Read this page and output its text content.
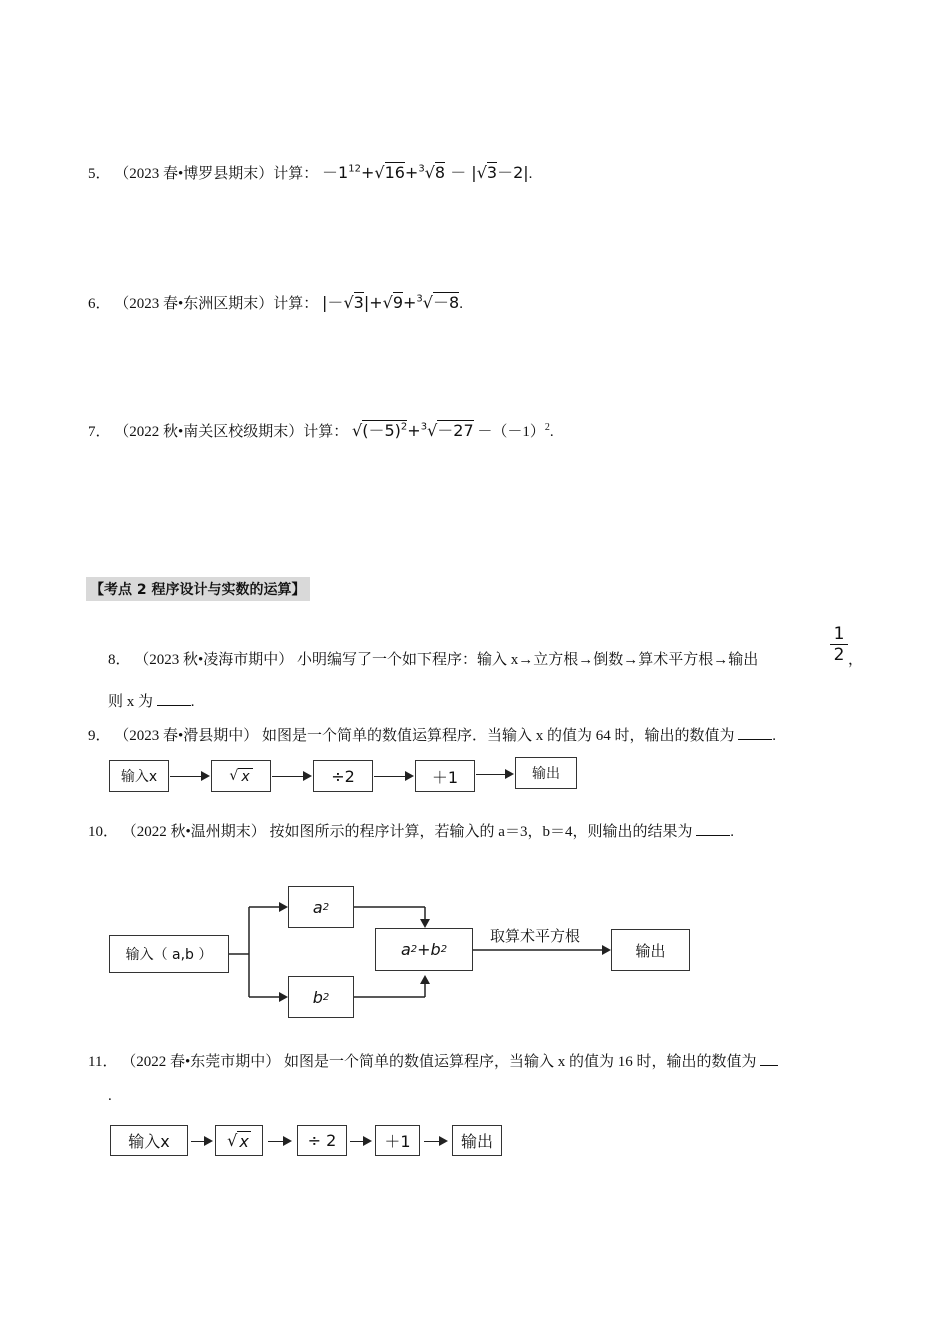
5． （2023 春•博罗县期末）计算： $-1^{12}+√16+^3√8 - |√3-2|$.
6． （2023 春•东洲区期末）计算： |－√3|+√9+$^3$√－8.
7． （2022 秋•南关区校级期末）计算： $√(-5)^2+^3√-27 -(-1)^2$.
【考点 2 程序设计与实数的运算】
8． （2023 秋•凌海市期中） 小明编写了一个如下程序：输入 x→立方根→倒数→算术平方根→输出	$\frac{1}{2}$ ，
则 x 为	.
9． （2023 春•滑县期中） 如图是一个简单的数值运算程序．当输入 x 的值为 64 时，输出的数值为	.
输入x	√ x	÷2	＋1	输出
10． （2022 秋•温州期末） 按如图所示的程序计算，若输入的 a＝3，b＝4，则输出的结果为	.
输入（ a,b ）
a 2
b 2
a 2 +b 2
取算术平方根
输出
11． （2022 春•东莞市期中） 如图是一个简单的数值运算程序，当输入 x 的值为 16 时，输出的数值为
.
输入x	√ x	÷ 2	＋1	输出
